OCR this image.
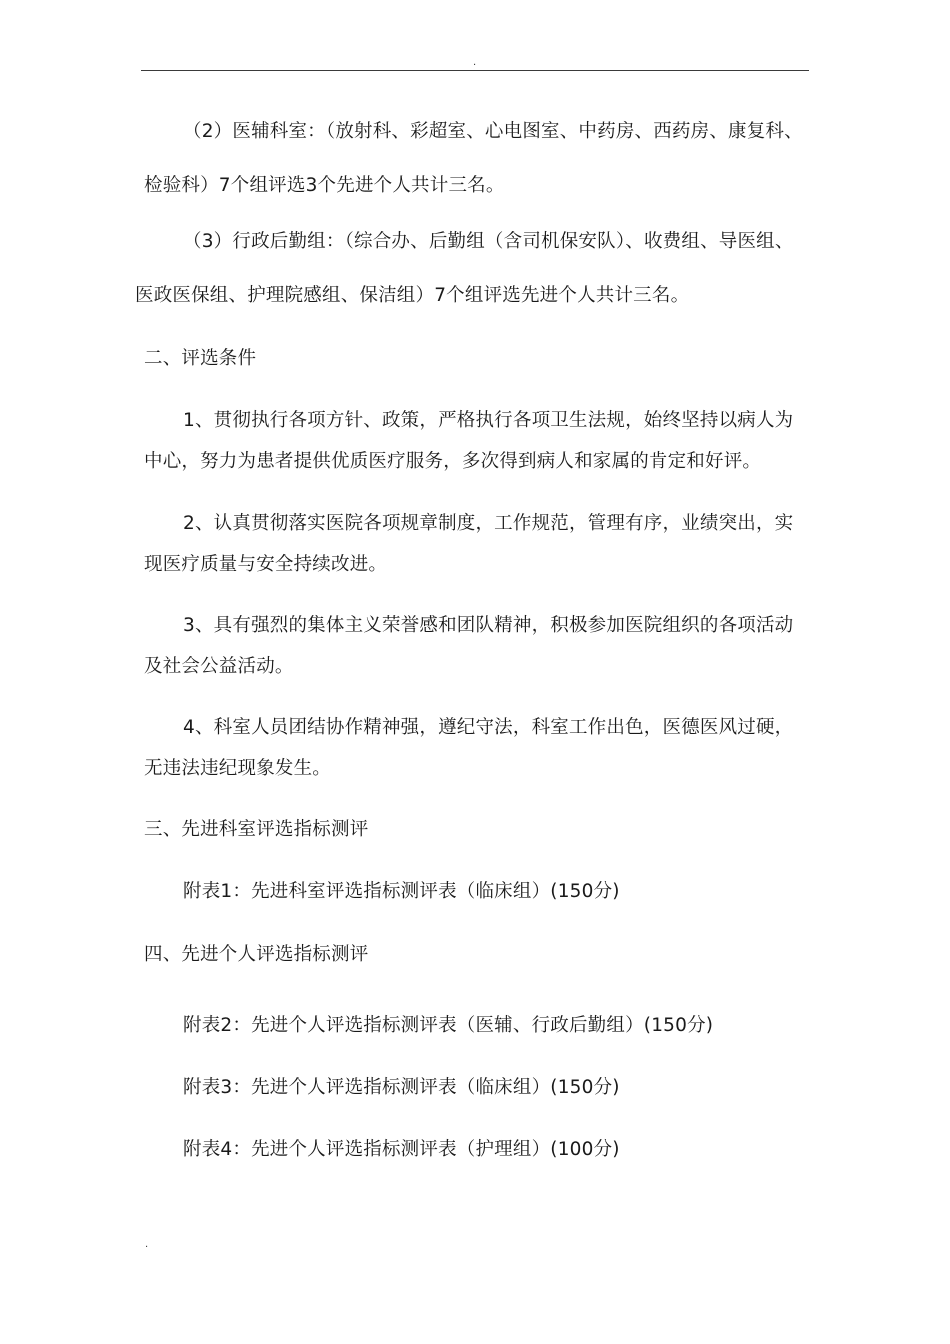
.
（2）医辅科室：（放射科、彩超室、心电图室、中药房、西药房、康复科、
检验科）7个组评选3个先进个人共计三名。
（3）行政后勤组：（综合办、后勤组（含司机保安队）、收费组、导医组、
医政医保组、护理院感组、保洁组）7个组评选先进个人共计三名。
二、评选条件
1、贯彻执行各项方针、政策，严格执行各项卫生法规，始终坚持以病人为
中心，努力为患者提供优质医疗服务，多次得到病人和家属的肯定和好评。
2、认真贯彻落实医院各项规章制度，工作规范，管理有序，业绩突出，实
现医疗质量与安全持续改进。
3、具有强烈的集体主义荣誉感和团队精神，积极参加医院组织的各项活动
及社会公益活动。
4、科室人员团结协作精神强，遵纪守法，科室工作出色，医德医风过硬，
无违法违纪现象发生。
三、先进科室评选指标测评
附表1：先进科室评选指标测评表（临床组）(150分)
四、先进个人评选指标测评
附表2：先进个人评选指标测评表（医辅、行政后勤组）(150分)
附表3：先进个人评选指标测评表（临床组）(150分)
附表4：先进个人评选指标测评表（护理组）(100分)
.
